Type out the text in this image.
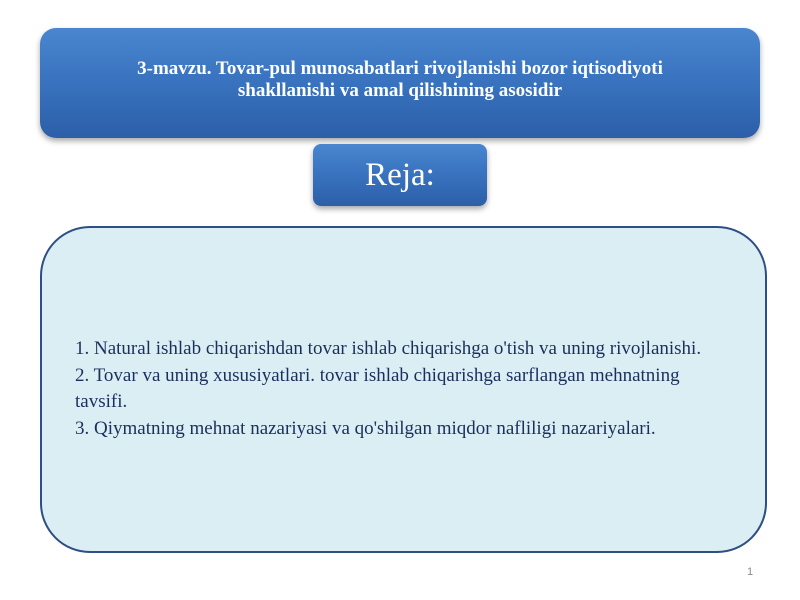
3-mavzu. Tovar-pul munosabatlari rivojlanishi bozor iqtisodiyoti shakllanishi va amal qilishining asosidir
Reja:
1. Natural ishlab chiqarishdan tovar ishlab chiqarishga o'tish va uning rivojlanishi.
2. Tovar va uning xususiyatlari. tovar ishlab chiqarishga sarflangan mehnatning tavsifi.
3. Qiymatning mehnat nazariyasi va qo'shilgan miqdor nafliligi nazariyalari.
1
